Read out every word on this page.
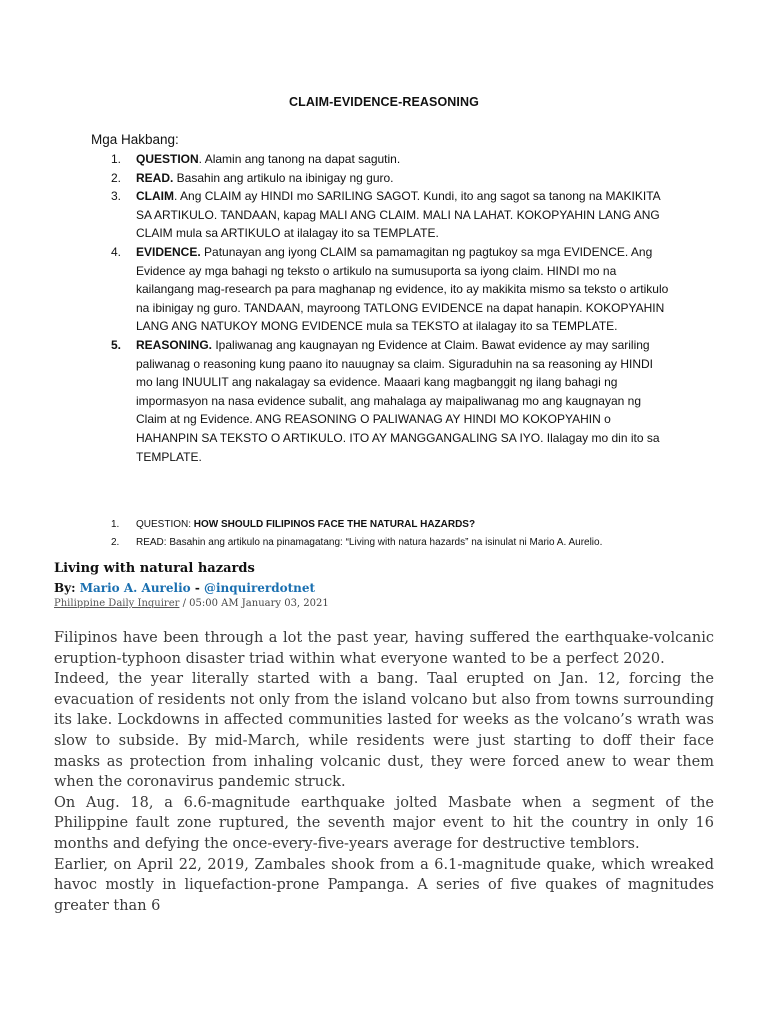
CLAIM-EVIDENCE-REASONING
Mga Hakbang:
1.	QUESTION. Alamin ang tanong na dapat sagutin.
2.	READ. Basahin ang artikulo na ibinigay ng guro.
3.	CLAIM. Ang CLAIM ay HINDI mo SARILING SAGOT. Kundi, ito ang sagot sa tanong na MAKIKITA SA ARTIKULO. TANDAAN, kapag MALI ANG CLAIM. MALI NA LAHAT. KOKOPYAHIN LANG ANG CLAIM mula sa ARTIKULO at ilalagay ito sa TEMPLATE.
4.	EVIDENCE. Patunayan ang iyong CLAIM sa pamamagitan ng pagtukoy sa mga EVIDENCE. Ang Evidence ay mga bahagi ng teksto o artikulo na sumusuporta sa iyong claim. HINDI mo na kailangang mag-research pa para maghanap ng evidence, ito ay makikita mismo sa teksto o artikulo na ibinigay ng guro. TANDAAN, mayroong TATLONG EVIDENCE na dapat hanapin. KOKOPYAHIN LANG ANG NATUKOY MONG EVIDENCE mula sa TEKSTO at ilalagay ito sa TEMPLATE.
5.	REASONING. Ipaliwanag ang kaugnayan ng Evidence at Claim. Bawat evidence ay may sariling paliwanag o reasoning kung paano ito nauugnay sa claim. Siguraduhin na sa reasoning ay HINDI mo lang INUULIT ang nakalagay sa evidence. Maaari kang magbanggit ng ilang bahagi ng impormasyon na nasa evidence subalit, ang mahalaga ay maipaliwanag mo ang kaugnayan ng Claim at ng Evidence. ANG REASONING O PALIWANAG AY HINDI MO KOKOPYAHIN o HAHANPIN SA TEKSTO O ARTIKULO. ITO AY MANGGANGALING SA IYO. Ilalagay mo din ito sa TEMPLATE.
1.	QUESTION: HOW SHOULD FILIPINOS FACE THE NATURAL HAZARDS?
2.	READ: Basahin ang artikulo na pinamagatang: “Living with natura hazards” na isinulat ni Mario A. Aurelio.
Living with natural hazards
By: Mario A. Aurelio - @inquirerdotnet
Philippine Daily Inquirer / 05:00 AM January 03, 2021

Filipinos have been through a lot the past year, having suffered the earthquake-volcanic eruption-typhoon disaster triad within what everyone wanted to be a perfect 2020.

Indeed, the year literally started with a bang. Taal erupted on Jan. 12, forcing the evacuation of residents not only from the island volcano but also from towns surrounding its lake. Lockdowns in affected communities lasted for weeks as the volcano’s wrath was slow to subside. By mid-March, while residents were just starting to doff their face masks as protection from inhaling volcanic dust, they were forced anew to wear them when the coronavirus pandemic struck.

On Aug. 18, a 6.6-magnitude earthquake jolted Masbate when a segment of the Philippine fault zone ruptured, the seventh major event to hit the country in only 16 months and defying the once-every-five-years average for destructive temblors.

Earlier, on April 22, 2019, Zambales shook from a 6.1-magnitude quake, which wreaked havoc mostly in liquefaction-prone Pampanga. A series of five quakes of magnitudes greater than 6
